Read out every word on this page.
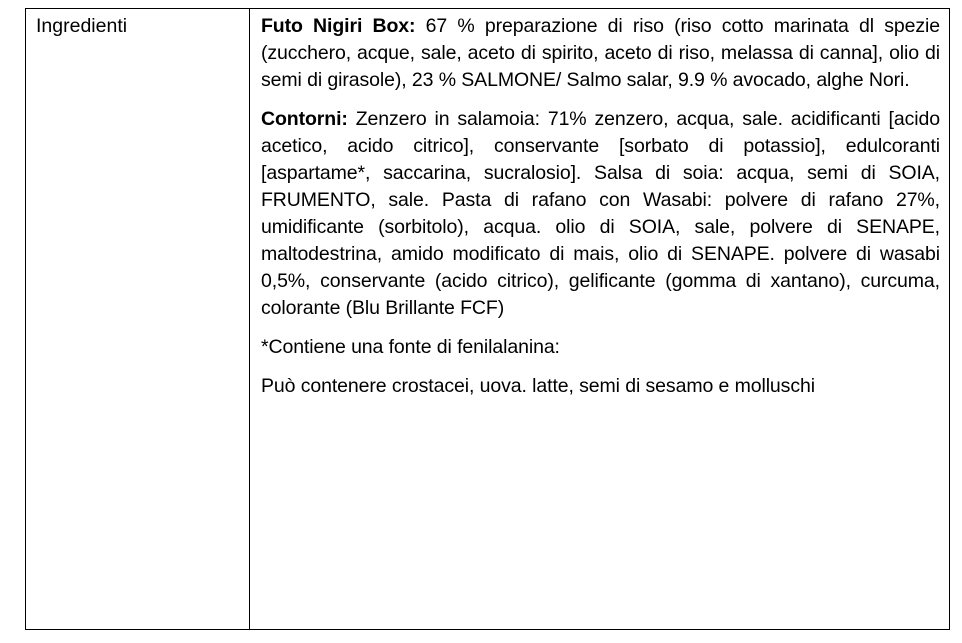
Ingredienti	Futo Nigiri Box: 67 % preparazione di riso (riso cotto marinata dl spezie (zucchero, acque, sale, aceto di spirito, aceto di riso, melassa di canna], olio di semi di girasole), 23 % SALMONE/ Salmo salar, 9.9 % avocado, alghe Nori.

Contorni: Zenzero in salamoia: 71% zenzero, acqua, sale. acidificanti [acido acetico, acido citrico], conservante [sorbato di potassio], edulcoranti [aspartame*, saccarina, sucralosio]. Salsa di soia: acqua, semi di SOIA, FRUMENTO, sale. Pasta di rafano con Wasabi: polvere di rafano 27%, umidificante (sorbitolo), acqua. olio di SOIA, sale, polvere di SENAPE, maltodestrina, amido modificato di mais, olio di SENAPE. polvere di wasabi 0,5%, conservante (acido citrico), gelificante (gomma di xantano), curcuma, colorante (Blu Brillante FCF)

*Contiene una fonte di fenilalanina:

Può contenere crostacei, uova. latte, semi di sesamo e molluschi
